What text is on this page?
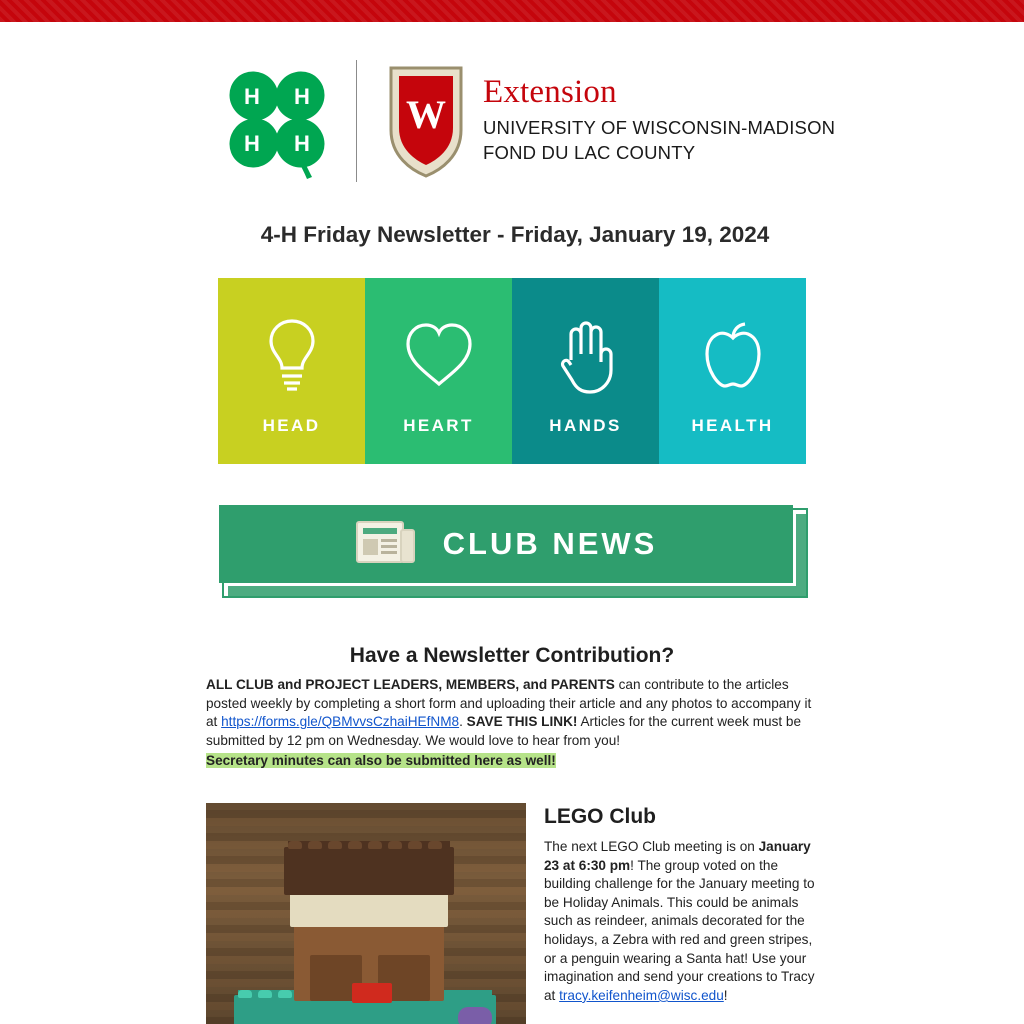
H H
H H
W Extension
UNIVERSITY OF WISCONSIN-MADISON
FOND DU LAC COUNTY
4-H Friday Newsletter - Friday, January 19, 2024
HEAD	HEART	HANDS	HEALTH
CLUB NEWS
Have a Newsletter Contribution?

ALL CLUB and PROJECT LEADERS, MEMBERS, and PARENTS can contribute to the articles posted weekly by completing a short form and uploading their article and any photos to accompany it at https://forms.gle/QBMvvsCzhaiHEfNM8. SAVE THIS LINK! Articles for the current week must be submitted by 12 pm on Wednesday. We would love to hear from you!

Secretary minutes can also be submitted here as well!

LEGO Club

The next LEGO Club meeting is on January 23 at 6:30 pm! The group voted on the building challenge for the January meeting to be Holiday Animals. This could be animals such as reindeer, animals decorated for the holidays, a Zebra with red and green stripes, or a penguin wearing a Santa hat! Use your imagination and send your creations to Tracy at tracy.keifenheim@wisc.edu!
